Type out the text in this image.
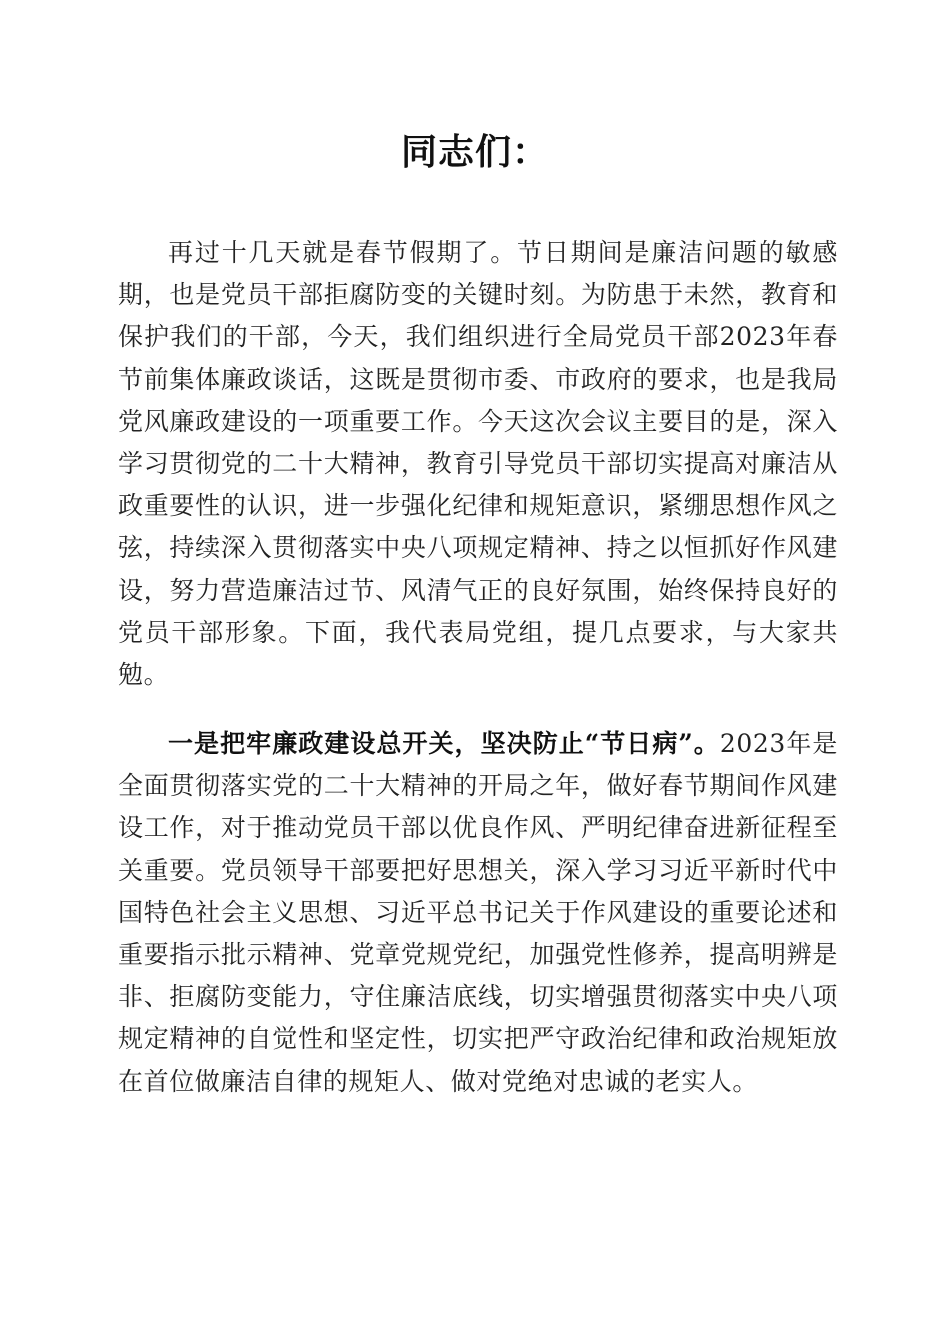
同志们：

再过十几天就是春节假期了。节日期间是廉洁问题的敏感期，也是党员干部拒腐防变的关键时刻。为防患于未然，教育和保护我们的干部，今天，我们组织进行全局党员干部2023年春节前集体廉政谈话，这既是贯彻市委、市政府的要求，也是我局党风廉政建设的一项重要工作。今天这次会议主要目的是，深入学习贯彻党的二十大精神，教育引导党员干部切实提高对廉洁从政重要性的认识，进一步强化纪律和规矩意识，紧绷思想作风之弦，持续深入贯彻落实中央八项规定精神、持之以恒抓好作风建设，努力营造廉洁过节、风清气正的良好氛围，始终保持良好的党员干部形象。下面，我代表局党组，提几点要求，与大家共勉。

一是把牢廉政建设总开关，坚决防止“节日病”。2023年是全面贯彻落实党的二十大精神的开局之年，做好春节期间作风建设工作，对于推动党员干部以优良作风、严明纪律奋进新征程至关重要。党员领导干部要把好思想关，深入学习习近平新时代中国特色社会主义思想、习近平总书记关于作风建设的重要论述和重要指示批示精神、党章党规党纪，加强党性修养，提高明辨是非、拒腐防变能力，守住廉洁底线，切实增强贯彻落实中央八项规定精神的自觉性和坚定性，切实把严守政治纪律和政治规矩放在首位做廉洁自律的规矩人、做对党绝对忠诚的老实人。
